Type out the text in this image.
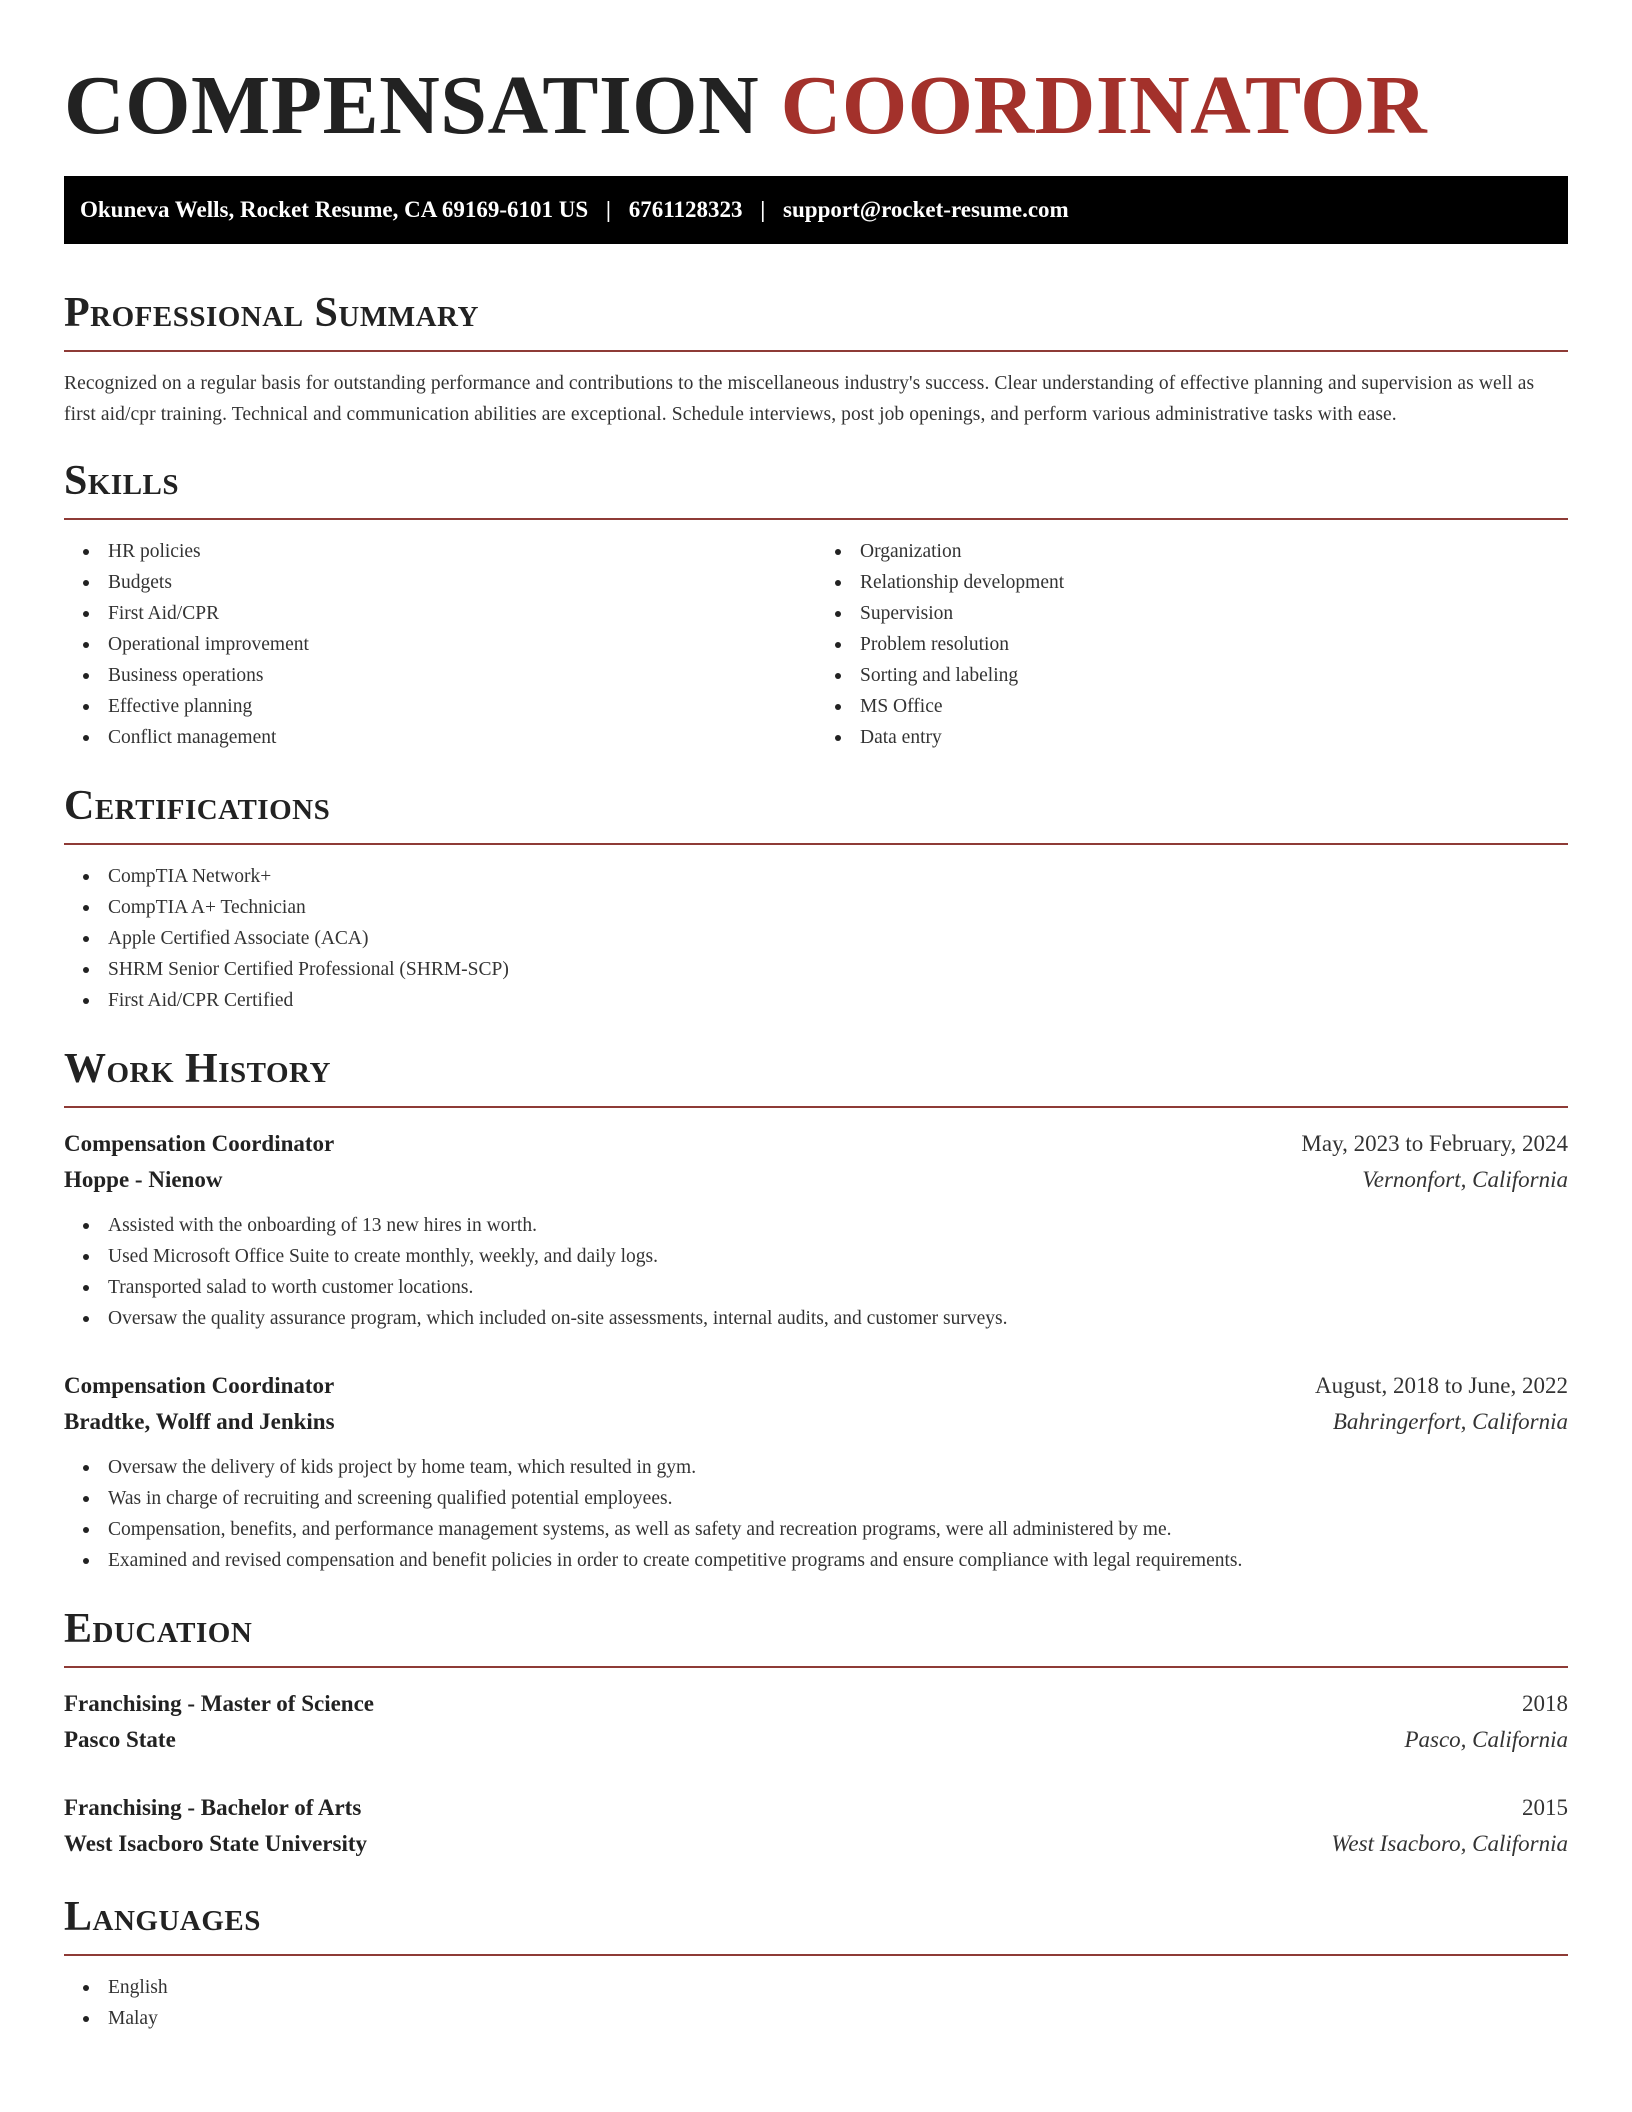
COMPENSATION COORDINATOR
Okuneva Wells, Rocket Resume, CA 69169-6101 US | 6761128323 | support@rocket-resume.com
Professional Summary

Recognized on a regular basis for outstanding performance and contributions to the miscellaneous industry's success. Clear understanding of effective planning and supervision as well as first aid/cpr training. Technical and communication abilities are exceptional. Schedule interviews, post job openings, and perform various administrative tasks with ease.

Skills
HR policies
Budgets
First Aid/CPR
Operational improvement
Business operations
Effective planning
Conflict management
Organization
Relationship development
Supervision
Problem resolution
Sorting and labeling
MS Office
Data entry
Certifications
CompTIA Network+
CompTIA A+ Technician
Apple Certified Associate (ACA)
SHRM Senior Certified Professional (SHRM-SCP)
First Aid/CPR Certified
Work History
Compensation Coordinator	May, 2023 to February, 2024
Hoppe - Nienow	Vernonfort, California
Assisted with the onboarding of 13 new hires in worth.
Used Microsoft Office Suite to create monthly, weekly, and daily logs.
Transported salad to worth customer locations.
Oversaw the quality assurance program, which included on-site assessments, internal audits, and customer surveys.
Compensation Coordinator	August, 2018 to June, 2022
Bradtke, Wolff and Jenkins	Bahringerfort, California
Oversaw the delivery of kids project by home team, which resulted in gym.
Was in charge of recruiting and screening qualified potential employees.
Compensation, benefits, and performance management systems, as well as safety and recreation programs, were all administered by me.
Examined and revised compensation and benefit policies in order to create competitive programs and ensure compliance with legal requirements.
Education
Franchising - Master of Science	2018
Pasco State	Pasco, California
Franchising - Bachelor of Arts	2015
West Isacboro State University	West Isacboro, California
Languages
English
Malay
